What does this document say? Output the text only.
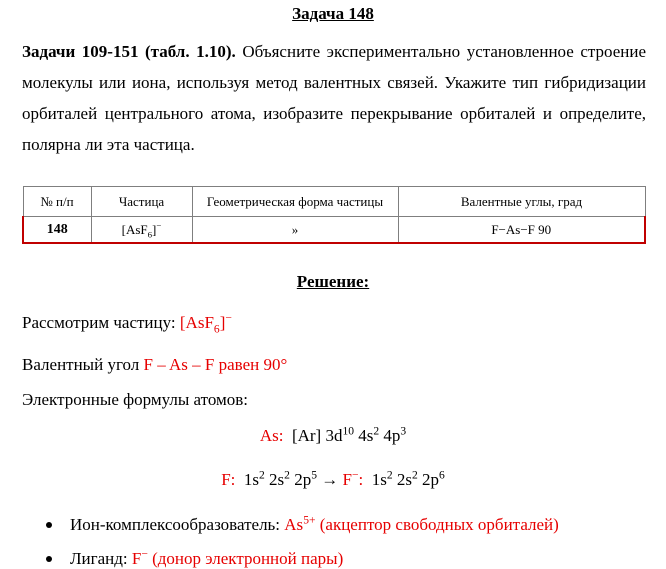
Задача 148
Задачи 109-151 (табл. 1.10). Объясните экспериментально установленное строение молекулы или иона, используя метод валентных связей. Укажите тип гибридизации орбиталей центрального атома, изобразите перекрывание орбиталей и определите, полярна ли эта частица.
№ п/п	Частица	Геометрическая форма частицы	Валентные углы, град
148	[AsF$_6$]−	»	F−As−F 90
Решение:
Рассмотрим частицу: [AsF$_6$]−
Валентный угол F – As – F равен 90°
Электронные формулы атомов:
As: [Ar] $3d^{10}$ $4s^2$ $4p^3$
F: $1s^2$ $2s^2$ $2p^5 \to F^-$: $1s^2$ $2s^2$ $2p^6$
Ион-комплексообразователь: $As^{5+}$ (акцептор свободных орбиталей)
Лиганд: F− (донор электронной пары)
